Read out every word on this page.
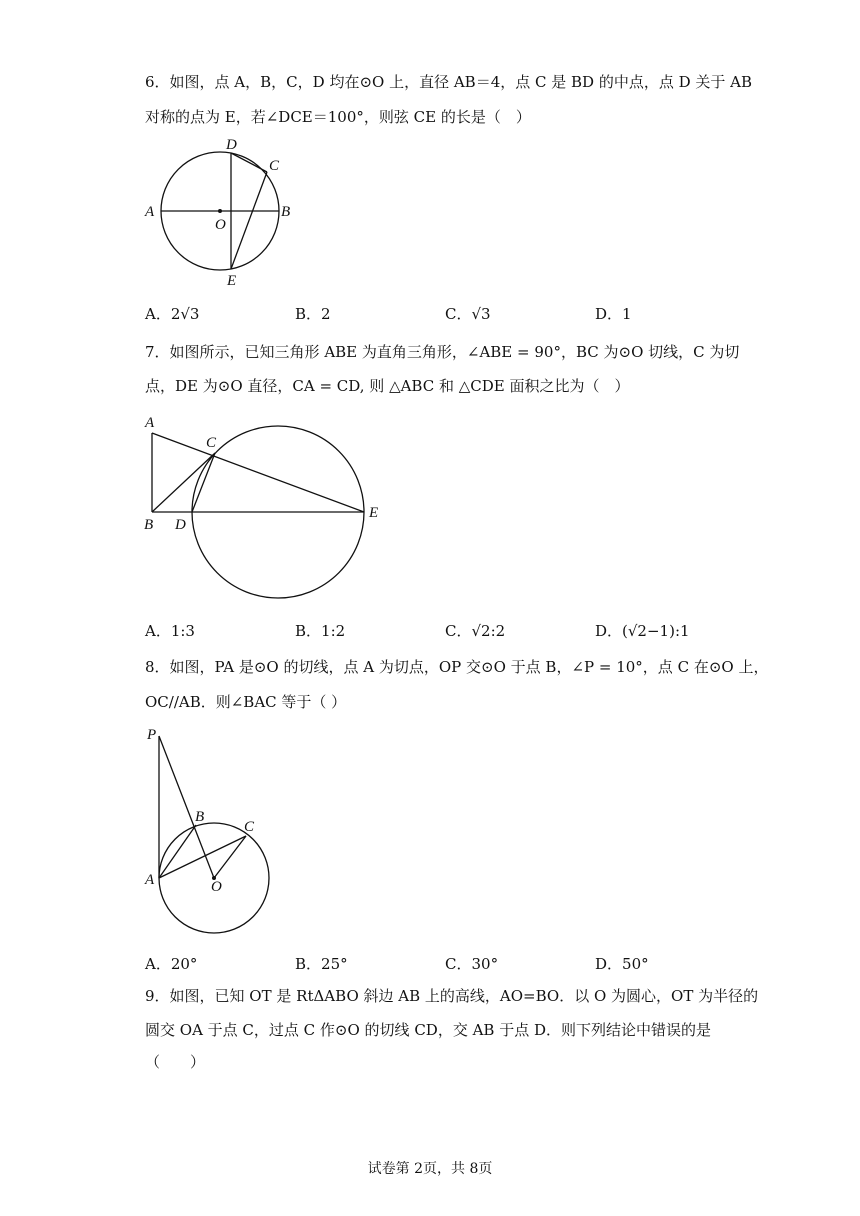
6．如图，点 A，B，C，D 均在⊙O 上，直径 AB＝4，点 C 是 BD 的中点，点 D 关于 AB
对称的点为 E，若∠DCE＝100°，则弦 CE 的长是（　）
D
C
A	B
O
E
A．2√3	B．2	C．√3	D．1
7．如图所示，已知三角形 ABE 为直角三角形，∠ABE = 90°，BC 为⊙O 切线，C 为切
点，DE 为⊙O 直径，CA = CD, 则 △ABC 和 △CDE 面积之比为（　）
A
C
B D
E
A．1:3	B．1:2	C．√2:2	D．(√2−1):1
8．如图，PA 是⊙O 的切线，点 A 为切点，OP 交⊙O 于点 B，∠P = 10°，点 C 在⊙O 上，
OC//AB．则∠BAC 等于（ ）
P
B
C
A	O
A．20°	B．25°	C．30°	D．50°
9．如图，已知 OT 是 RtΔABO 斜边 AB 上的高线，AO=BO．以 O 为圆心，OT 为半径的
圆交 OA 于点 C，过点 C 作⊙O 的切线 CD，交 AB 于点 D．则下列结论中错误的是
（　　）
试卷第 2页，共 8页
